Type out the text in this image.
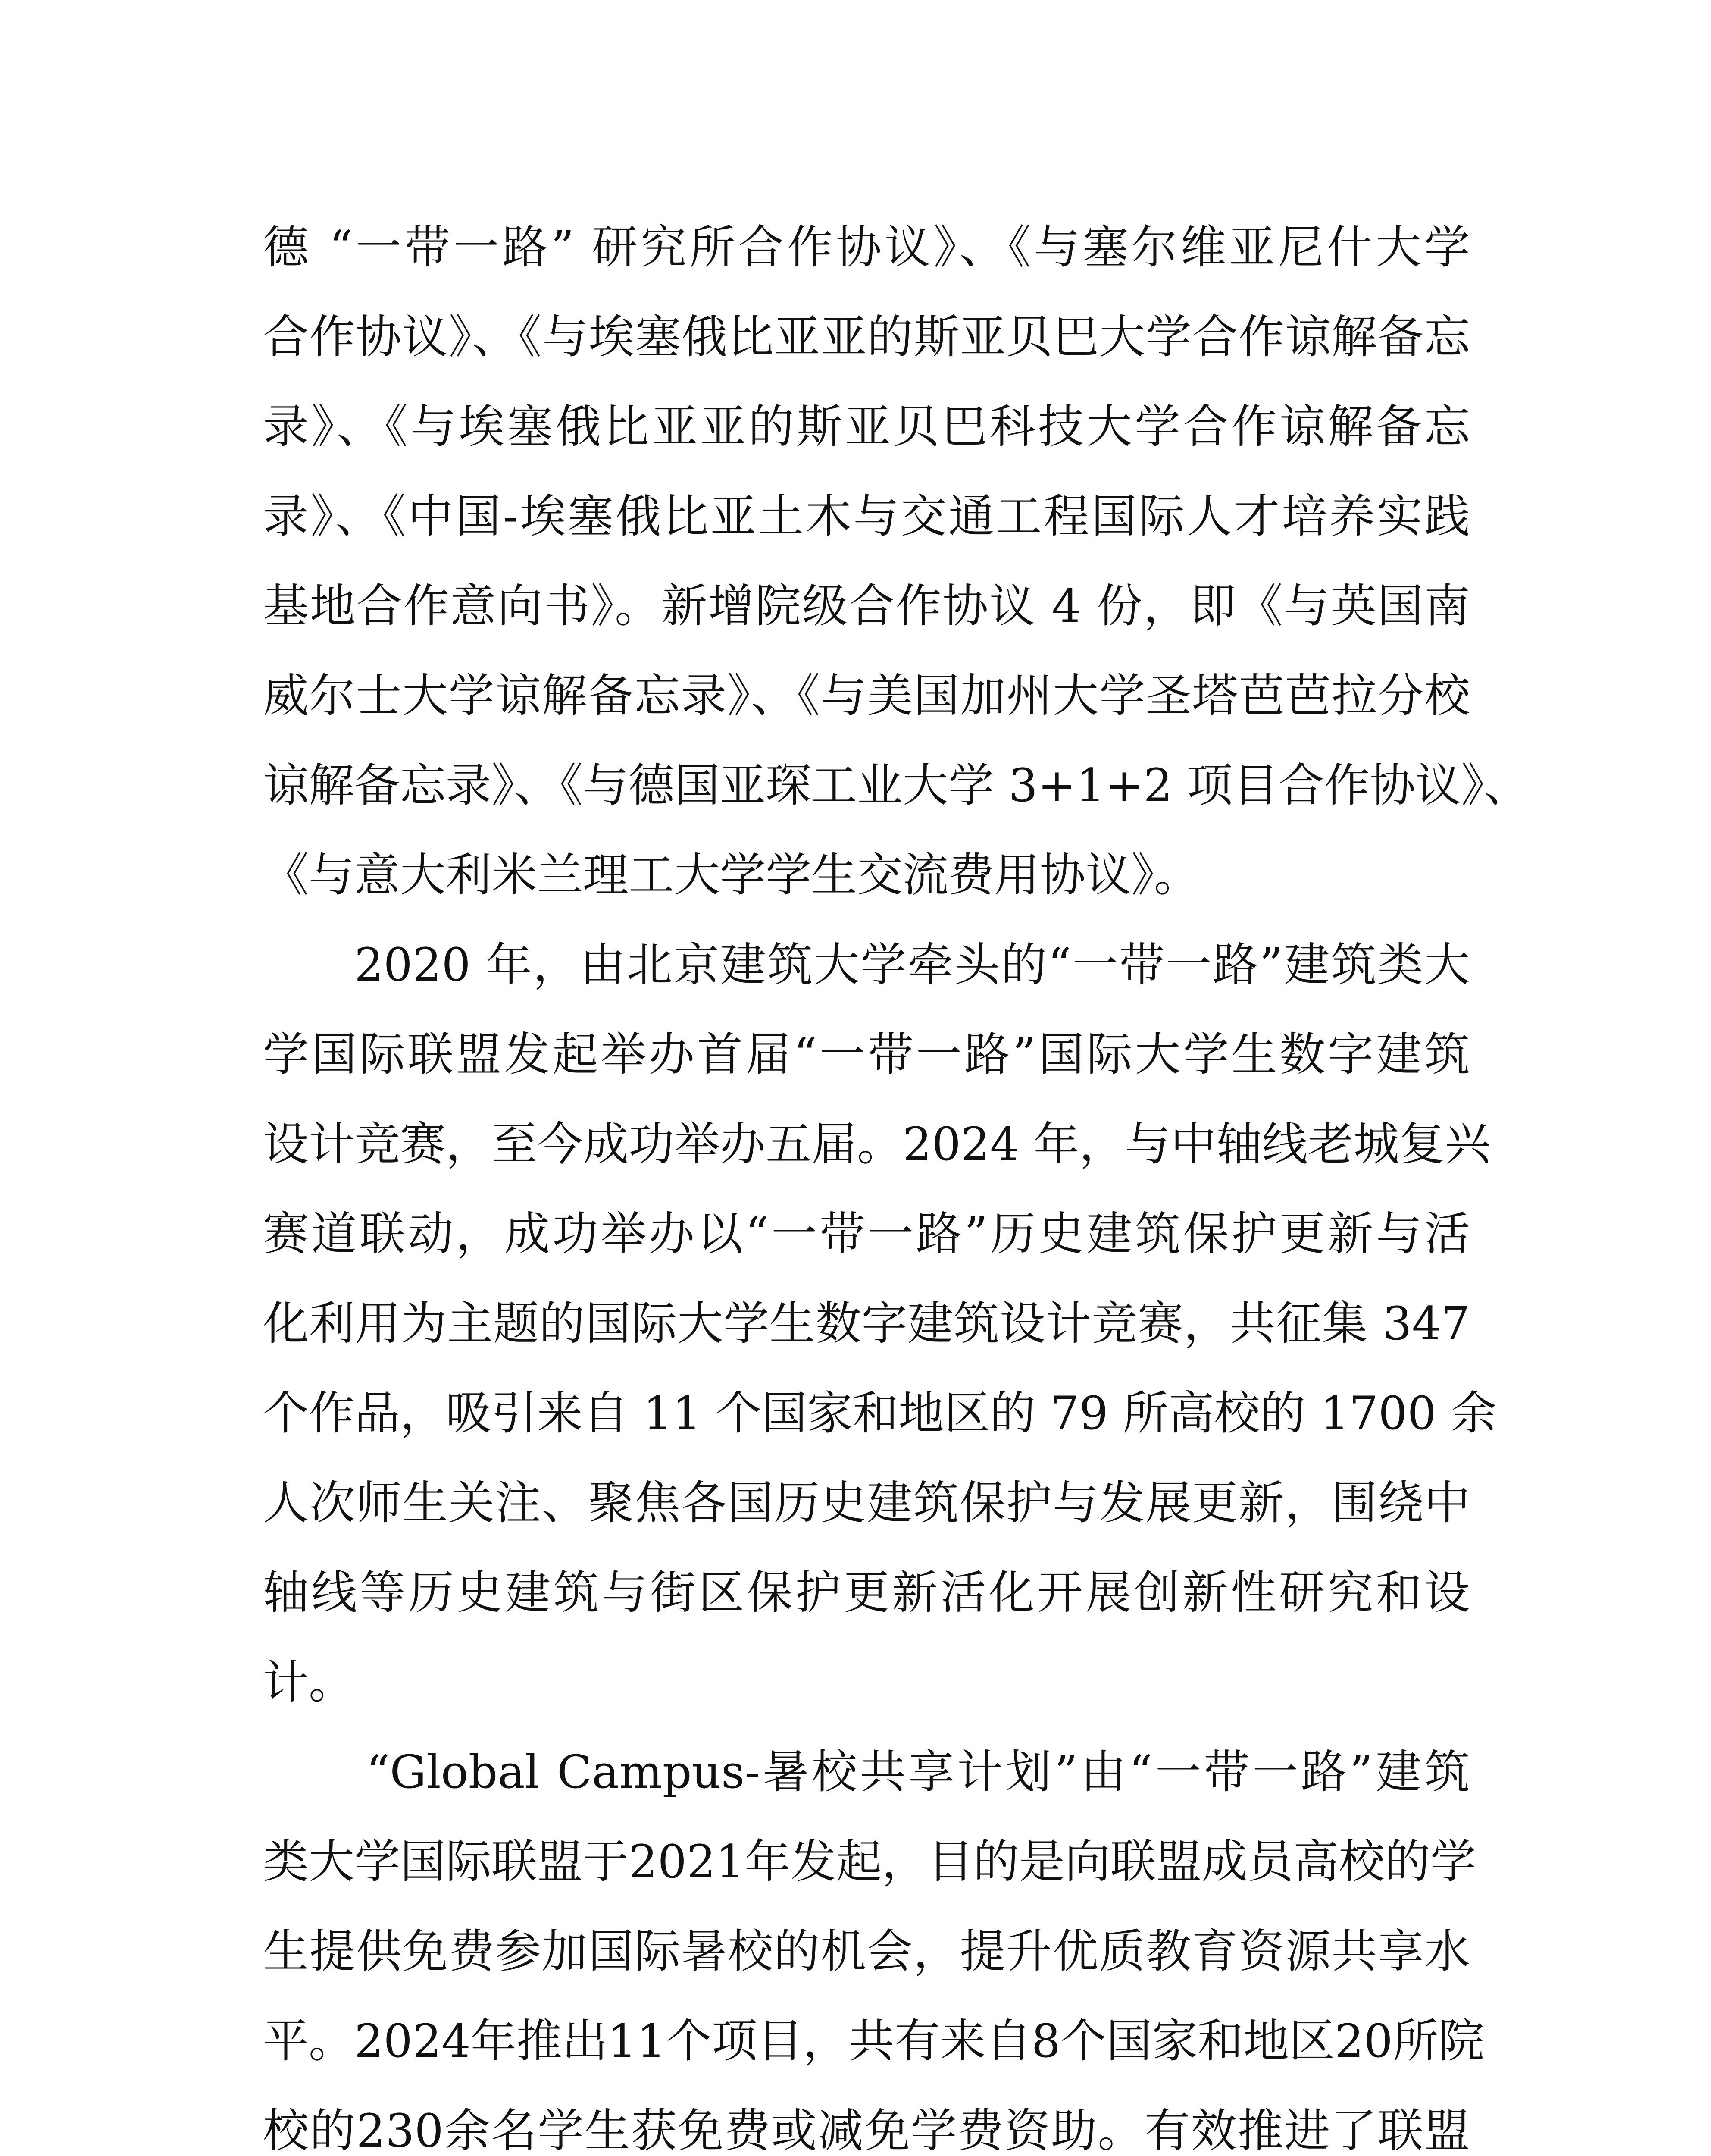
德 “一带一路” 研究所合作协议》、《与塞尔维亚尼什大学
合作协议》、《与埃塞俄比亚亚的斯亚贝巴大学合作谅解备忘
录》、《与埃塞俄比亚亚的斯亚贝巴科技大学合作谅解备忘
录》、《中国-埃塞俄比亚土木与交通工程国际人才培养实践
基地合作意向书》。新增院级合作协议 4 份，即《与英国南
威尔士大学谅解备忘录》、《与美国加州大学圣塔芭芭拉分校
谅解备忘录》、《与德国亚琛工业大学 3+1+2 项目合作协议》、
《与意大利米兰理工大学学生交流费用协议》。
2020 年，由北京建筑大学牵头的“一带一路”建筑类大
学国际联盟发起举办首届“一带一路”国际大学生数字建筑
设计竞赛，至今成功举办五届。2024 年，与中轴线老城复兴
赛道联动，成功举办以“一带一路”历史建筑保护更新与活
化利用为主题的国际大学生数字建筑设计竞赛，共征集 347
个作品，吸引来自 11 个国家和地区的 79 所高校的 1700 余
人次师生关注、聚焦各国历史建筑保护与发展更新，围绕中
轴线等历史建筑与街区保护更新活化开展创新性研究和设
计。
“Global Campus-暑校共享计划”由“一带一路”建筑
类大学国际联盟于2021年发起，目的是向联盟成员高校的学
生提供免费参加国际暑校的机会，提升优质教育资源共享水
平。2024年推出11个项目，共有来自8个国家和地区20所院
校的230余名学生获免费或减免学费资助。有效推进了联盟
